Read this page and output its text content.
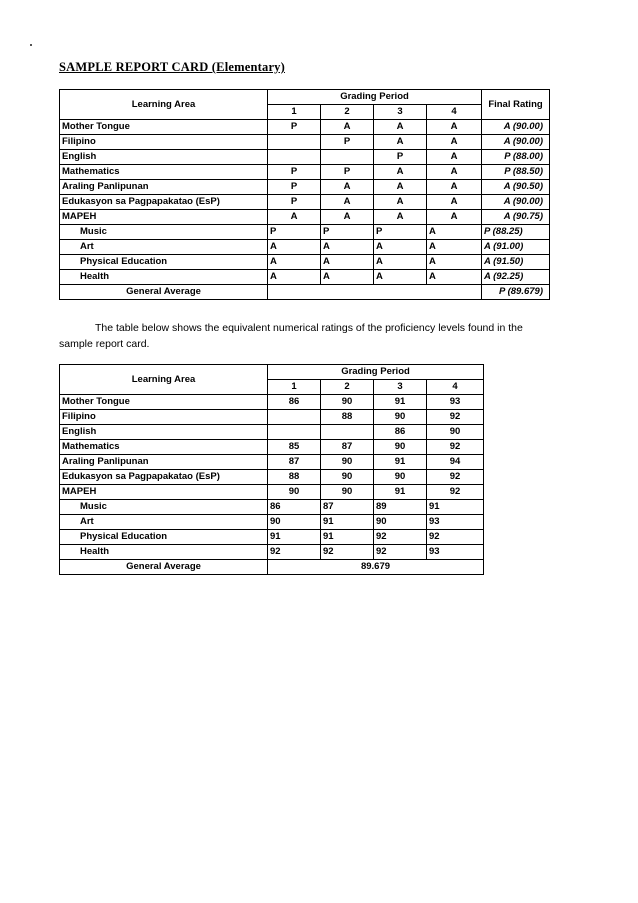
SAMPLE REPORT CARD (Elementary)
Learning Area	Grading Period				Final Rating
	1	2	3	4	
Mother Tongue	P	A	A	A	A (90.00)
Filipino		P	A	A	A (90.00)
English			P	A	P (88.00)
Mathematics	P	P	A	A	P (88.50)
Araling Panlipunan	P	A	A	A	A (90.50)
Edukasyon sa Pagpapakatao (EsP)	P	A	A	A	A (90.00)
MAPEH	A	A	A	A	A (90.75)
Music	P	P	P	A	P (88.25)
Art	A	A	A	A	A (91.00)
Physical Education	A	A	A	A	A (91.50)
Health	A	A	A	A	A (92.25)
General Average					P (89.679)
The table below shows the equivalent numerical ratings of the proficiency levels found in the sample report card.
Learning Area	Grading Period			
	1	2	3	4
Mother Tongue	86	90	91	93
Filipino		88	90	92
English			86	90
Mathematics	85	87	90	92
Araling Panlipunan	87	90	91	94
Edukasyon sa Pagpapakatao (EsP)	88	90	90	92
MAPEH	90	90	91	92
Music	86	87	89	91
Art	90	91	90	93
Physical Education	91	91	92	92
Health	92	92	92	93
General Average	89.679			
